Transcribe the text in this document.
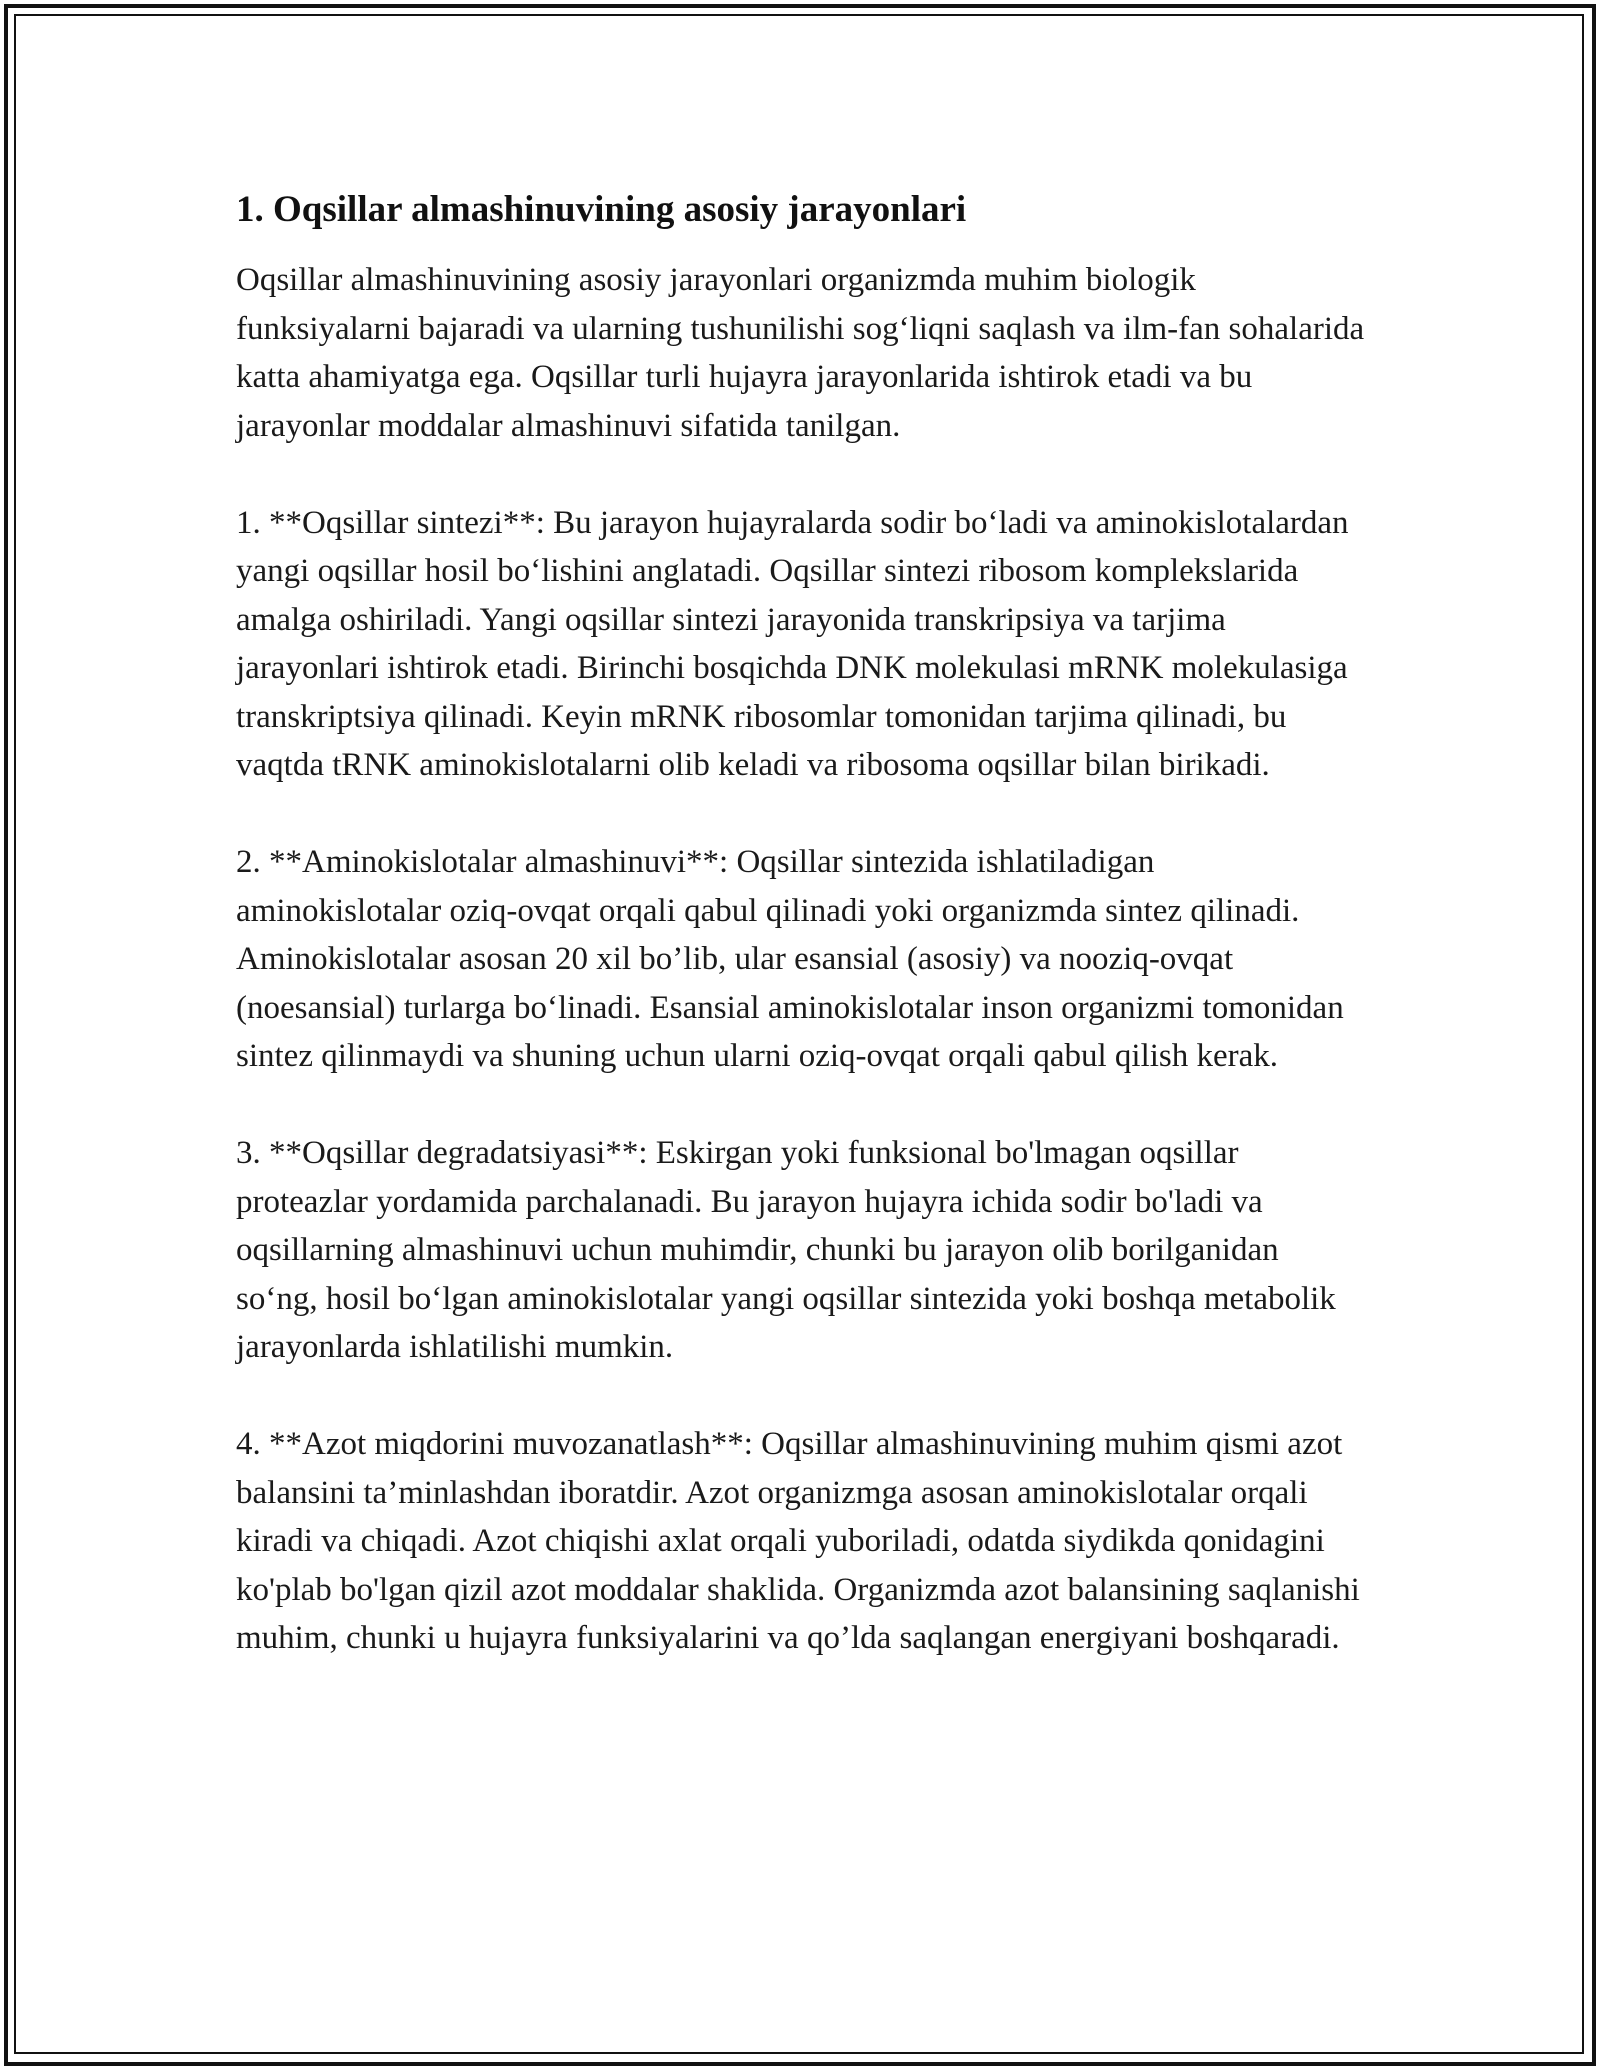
1. Oqsillar almashinuvining asosiy jarayonlari

Oqsillar almashinuvining asosiy jarayonlari organizmda muhim biologik funksiyalarni bajaradi va ularning tushunilishi sog‘liqni saqlash va ilm-fan sohalarida katta ahamiyatga ega. Oqsillar turli hujayra jarayonlarida ishtirok etadi va bu jarayonlar moddalar almashinuvi sifatida tanilgan.

1. **Oqsillar sintezi**: Bu jarayon hujayralarda sodir bo‘ladi va aminokislotalardan yangi oqsillar hosil bo‘lishini anglatadi. Oqsillar sintezi ribosom komplekslarida amalga oshiriladi. Yangi oqsillar sintezi jarayonida transkripsiya va tarjima jarayonlari ishtirok etadi. Birinchi bosqichda DNK molekulasi mRNK molekulasiga transkriptsiya qilinadi. Keyin mRNK ribosomlar tomonidan tarjima qilinadi, bu vaqtda tRNK aminokislotalarni olib keladi va ribosoma oqsillar bilan birikadi.

2. **Aminokislotalar almashinuvi**: Oqsillar sintezida ishlatiladigan aminokislotalar oziq-ovqat orqali qabul qilinadi yoki organizmda sintez qilinadi. Aminokislotalar asosan 20 xil bo’lib, ular esansial (asosiy) va nooziq-ovqat (noesansial) turlarga bo‘linadi. Esansial aminokislotalar inson organizmi tomonidan sintez qilinmaydi va shuning uchun ularni oziq-ovqat orqali qabul qilish kerak.

3. **Oqsillar degradatsiyasi**: Eskirgan yoki funksional bo'lmagan oqsillar proteazlar yordamida parchalanadi. Bu jarayon hujayra ichida sodir bo'ladi va oqsillarning almashinuvi uchun muhimdir, chunki bu jarayon olib borilganidan so‘ng, hosil bo‘lgan aminokislotalar yangi oqsillar sintezida yoki boshqa metabolik jarayonlarda ishlatilishi mumkin.

4. **Azot miqdorini muvozanatlash**: Oqsillar almashinuvining muhim qismi azot balansini ta’minlashdan iboratdir. Azot organizmga asosan aminokislotalar orqali kiradi va chiqadi. Azot chiqishi axlat orqali yuboriladi, odatda siydikda qonidagini ko'plab bo'lgan qizil azot moddalar shaklida. Organizmda azot balansining saqlanishi muhim, chunki u hujayra funksiyalarini va qo’lda saqlangan energiyani boshqaradi.
